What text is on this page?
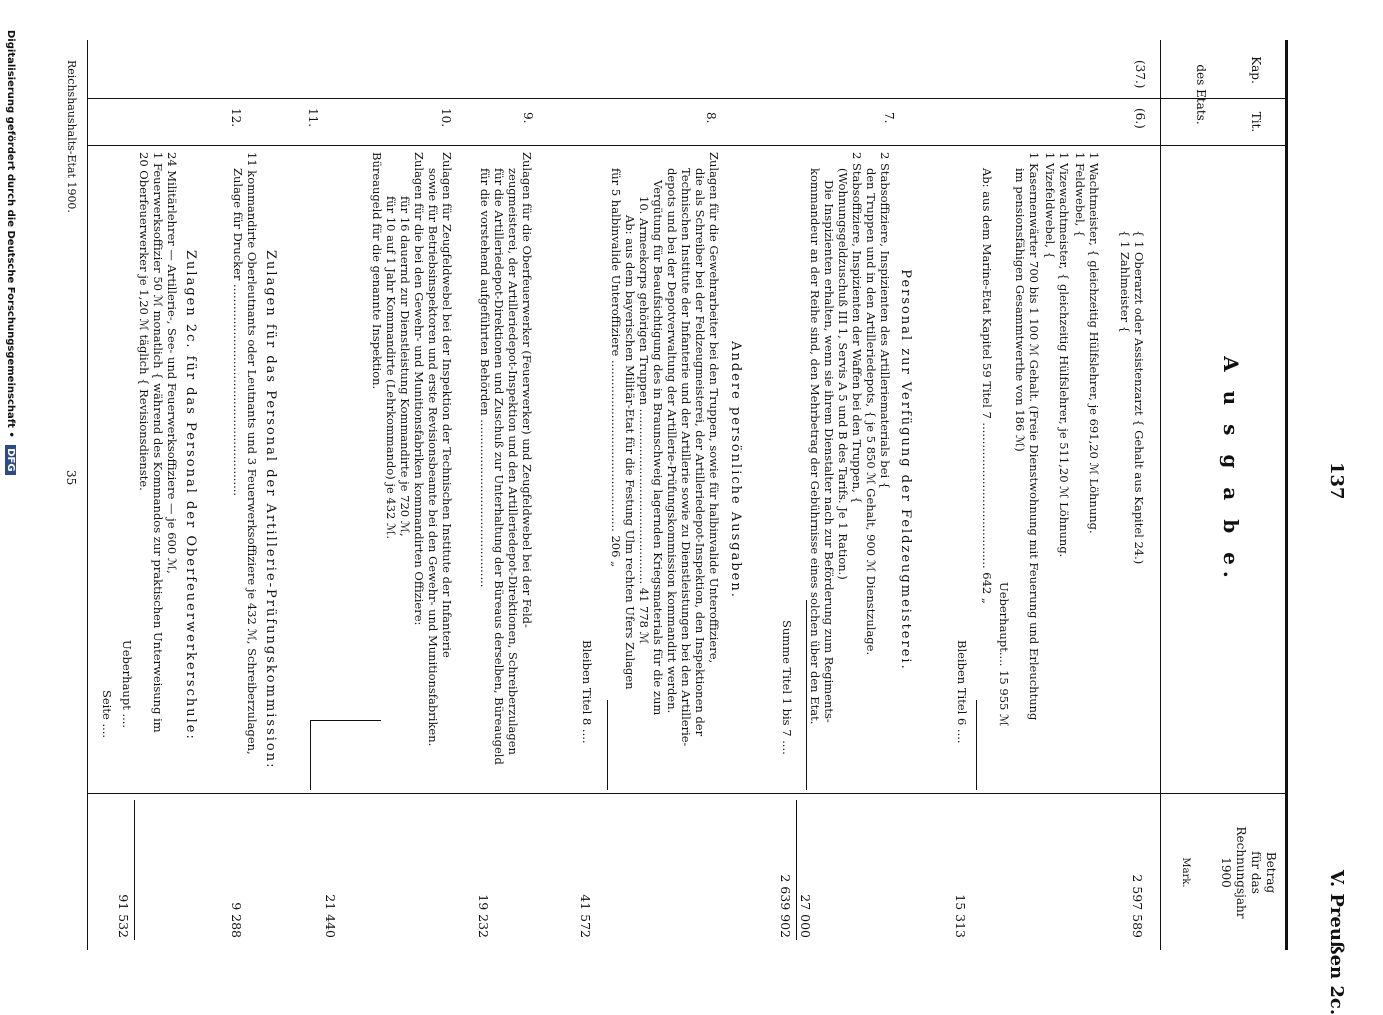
137
V. Preußen 2c.
Kap.
Tit.
des Etats.
Betrag
für das
Rechnungsjahr
1900
Mark.
A u s g a b e.
(37.)
(6.)
7.
8.
9.
10.
11.
12.
{ 1 Oberarzt oder Assistenzarzt { Gehalt aus Kapitel 24.)
{ 1 Zahlmeister {
1 Wachtmeister, { gleichzeitig Hülfslehrer, je 691,20 ℳ Löhnung.
1 Feldwebel, {
1 Vizewachtmeister, { gleichzeitig Hülfslehrer, je 511,20 ℳ Löhnung.
1 Vizefeldwebel, {
1 Kasernenwärter 700 bis 1 100 ℳ Gehalt. (Freie Dienstwohnung mit Feuerung und Erleuchtung
im pensionsfähigen Gesammtwerthe von 186 ℳ)
Ueberhaupt.... 15 955 ℳ
Ab: aus dem Marine-Etat Kapitel 59 Titel 7 ........................................ 642 „
Bleiben Titel 6 ....
Personal zur Verfügung der Feldzeugmeisterei.
2 Stabsoffiziere, Inspizienten des Artilleriematerials bei {
den Truppen und in den Artilleriedepots, { je 5 850 ℳ Gehalt, 900 ℳ Dienstzulage.
2 Stabsoffiziere, Inspizienten der Waffen bei den Truppen, {
(Wohnungsgeldzuschuß III 1, Servis A 5 und B des Tarifs. Je 1 Ration.)
Die Inspizienten erhalten, wenn sie ihrem Dienstalter nach zur Beförderung zum Regiments-
kommandeur an der Reihe sind, den Mehrbetrag der Gebührnisse eines solchen über den Etat.
Summe Titel 1 bis 7 ....
Andere persönliche Ausgaben.
Zulagen für die Gewehrarbeiter bei den Truppen, sowie für halbinvalide Unteroffiziere,
die als Schreiber bei der Feldzeugmeisterei, der Artilleriedepot-Inspektion, den Inspektionen der
Technischen Institute der Infanterie und der Artillerie sowie zu Dienstleistungen bei den Artillerie-
depots und bei der Depotverwaltung der Artillerie-Prüfungskommission kommandirt werden.
Vergütung für Beaufsichtigung des in Braunschweig lagernden Kriegsmaterials für die zum
10. Armeekorps gehörigen Truppen ................................................ 41 778 ℳ
Ab: aus dem bayerischen Militär-Etat für die Festung Ulm rechten Ufers Zulagen
für 5 halbinvalide Unteroffiziere ............................................... 206 „
Bleiben Titel 8 ....
Zulagen für die Oberfeuerwerker (Feuerwerker) und Zeugfeldwebel bei der Feld-
zeugmeisterei, der Artilleriedepot-Inspektion und den Artilleriedepot-Direktionen, Schreiberzulagen
für die Artilleriedepot-Direktionen und Zuschuß zur Unterhaltung der Büreaus derselben, Büreaugeld
für die vorstehend aufgeführten Behörden ..............................................
Zulagen für Zeugfeldwebel bei der Inspektion der Technischen Institute der Infanterie
sowie für Betriebsinspektoren und erste Revisionsbeamte bei den Gewehr- und Munitionsfabriken.
Zulagen für die bei den Gewehr- und Munitionsfabriken kommandirten Offiziere:
für 16 dauernd zur Dienstleistung Kommandirte je 720 ℳ,
für 10 auf 1 Jahr Kommandirte (Lehrkommando) je 432 ℳ.
Büreaugeld für die genannte Inspektion.
Zulagen für das Personal der Artillerie-Prüfungskommission:
11 kommandirte Oberleutnants oder Leutnants und 3 Feuerwerksoffiziere je 432 ℳ, Schreiberzulagen,
Zulage für Drucker ..........................................................
Zulagen 2c. für das Personal der Oberfeuerwerkerschule:
24 Militärlehrer — Artillerie-, See- und Feuerwerksoffiziere — je 600 ℳ,
1 Feuerwerksoffizier 50 ℳ monatlich { während des Kommandos zur praktischen Unterweisung im
20 Oberfeuerwerker je 1,20 ℳ täglich { Revisionsdienste.
Ueberhaupt ....
Seite ....
2 597 589
15 313
27 000
2 639 902
41 572
19 232
21 440
9 288
91 532
Reichshaushalts-Etat 1900.
35
Digitalisierung gefördert durch die Deutsche Forschungsgemeinschaft • DFG
